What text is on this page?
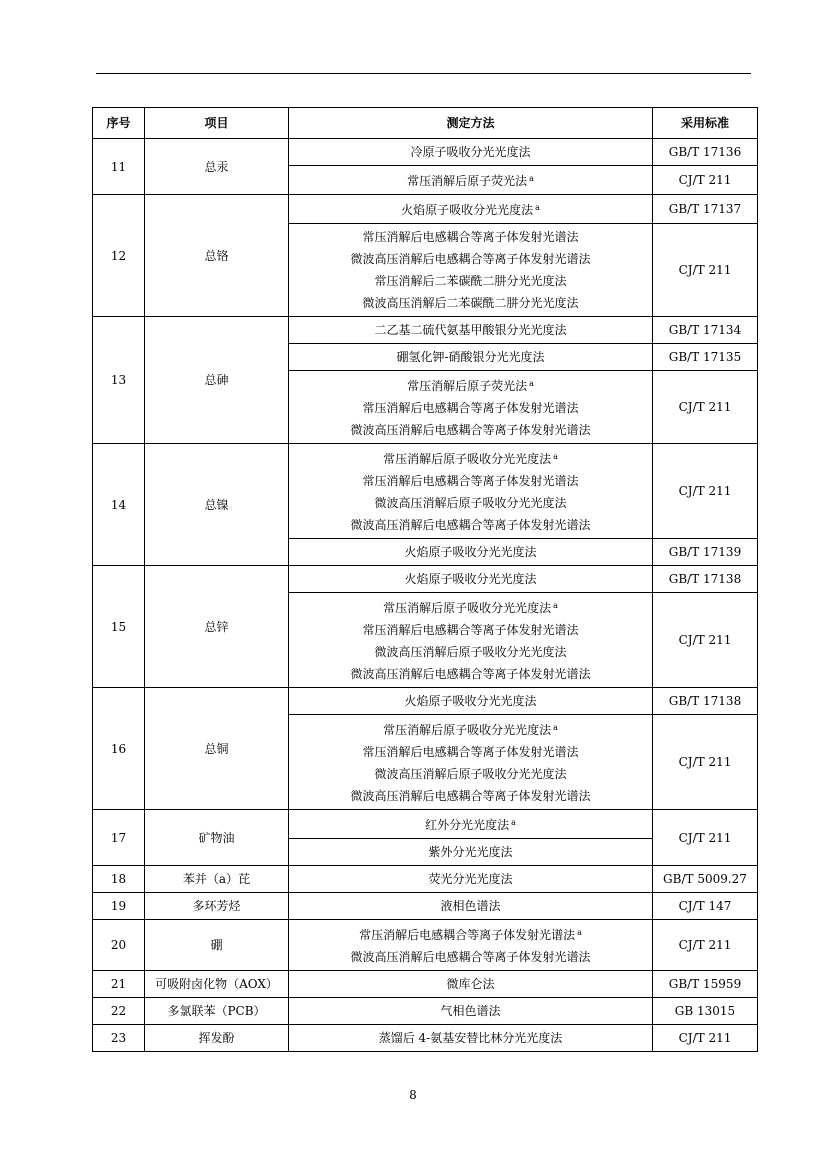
序号	项目	测定方法	采用标准
11	总汞	冷原子吸收分光光度法	GB/T 17136

		常压消解后原子荧光法 $^a$	CJ/T 211
12	总铬	火焰原子吸收分光光度法 $^a$	GB/T 17137

		常压消解后电感耦合等离子体发射光谱法
微波高压消解后电感耦合等离子体发射光谱法
常压消解后二苯碳酰二肼分光光度法
微波高压消解后二苯碳酰二肼分光光度法	CJ/T 211
13	总砷	二乙基二硫代氨基甲酸银分光光度法	GB/T 17134

		硼氢化钾-硝酸银分光光度法	GB/T 17135

		常压消解后原子荧光法 $^a$
常压消解后电感耦合等离子体发射光谱法
微波高压消解后电感耦合等离子体发射光谱法	CJ/T 211
14	总镍	常压消解后原子吸收分光光度法 $^a$
常压消解后电感耦合等离子体发射光谱法
微波高压消解后原子吸收分光光度法
微波高压消解后电感耦合等离子体发射光谱法	CJ/T 211

		火焰原子吸收分光光度法	GB/T 17139
15	总锌	火焰原子吸收分光光度法	GB/T 17138

		常压消解后原子吸收分光光度法 $^a$
常压消解后电感耦合等离子体发射光谱法
微波高压消解后原子吸收分光光度法
微波高压消解后电感耦合等离子体发射光谱法	CJ/T 211
16	总铜	火焰原子吸收分光光度法	GB/T 17138

		常压消解后原子吸收分光光度法 $^a$
常压消解后电感耦合等离子体发射光谱法
微波高压消解后原子吸收分光光度法
微波高压消解后电感耦合等离子体发射光谱法	CJ/T 211
17	矿物油	红外分光光度法 $^a$	CJ/T 211

		紫外分光光度法	

18	苯并（a）芘	荧光分光光度法	GB/T 5009.27
19	多环芳烃	液相色谱法	CJ/T 147
20	硼	常压消解后电感耦合等离子体发射光谱法 $^a$
微波高压消解后电感耦合等离子体发射光谱法	CJ/T 211
21	可吸附卤化物（AOX）	微库仑法	GB/T 15959
22	多氯联苯（PCB）	气相色谱法	GB 13015
23	挥发酚	蒸馏后 4-氨基安替比林分光光度法	CJ/T 211
8
